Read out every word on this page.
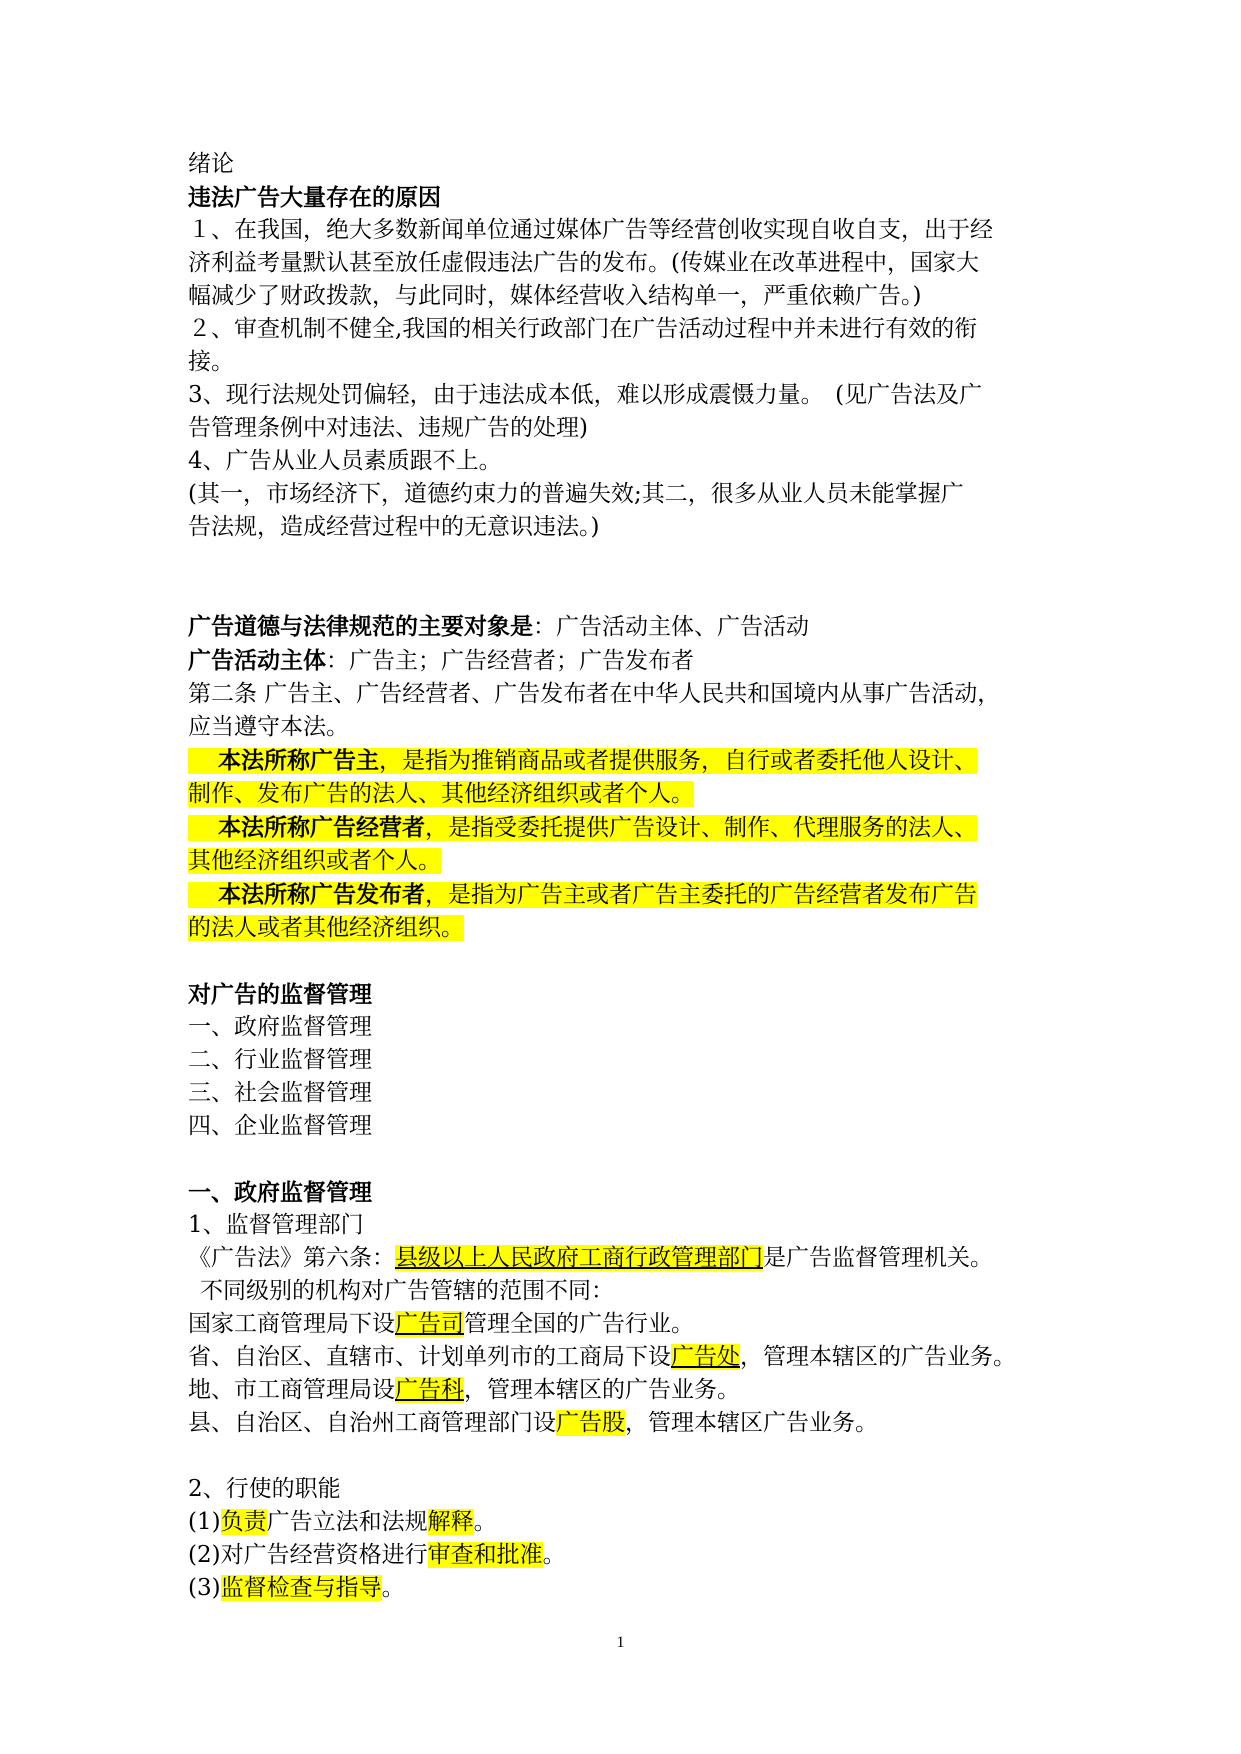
绪论
违法广告大量存在的原因
１、在我国，绝大多数新闻单位通过媒体广告等经营创收实现自收自支，出于经
济利益考量默认甚至放任虚假违法广告的发布。(传媒业在改革进程中，国家大
幅减少了财政拨款，与此同时，媒体经营收入结构单一，严重依赖广告。)
２、审查机制不健全,我国的相关行政部门在广告活动过程中并未进行有效的衔
接。
3、现行法规处罚偏轻，由于违法成本低，难以形成震慑力量。　(见广告法及广
告管理条例中对违法、违规广告的处理)
4、广告从业人员素质跟不上。
(其一，市场经济下，道德约束力的普遍失效;其二，很多从业人员未能掌握广
告法规，造成经营过程中的无意识违法。)
广告道德与法律规范的主要对象是：广告活动主体、广告活动
广告活动主体：广告主；广告经营者；广告发布者
第二条 广告主、广告经营者、广告发布者在中华人民共和国境内从事广告活动，
应当遵守本法。
本法所称广告主，是指为推销商品或者提供服务，自行或者委托他人设计、
制作、发布广告的法人、其他经济组织或者个人。
本法所称广告经营者，是指受委托提供广告设计、制作、代理服务的法人、
其他经济组织或者个人。
本法所称广告发布者，是指为广告主或者广告主委托的广告经营者发布广告
的法人或者其他经济组织。
对广告的监督管理
一、政府监督管理
二、行业监督管理
三、社会监督管理
四、企业监督管理
一、政府监督管理
1、监督管理部门
《广告法》第六条：县级以上人民政府工商行政管理部门是广告监督管理机关。
不同级别的机构对广告管辖的范围不同：
国家工商管理局下设广告司管理全国的广告行业。
省、自治区、直辖市、计划单列市的工商局下设广告处，管理本辖区的广告业务。
地、市工商管理局设广告科，管理本辖区的广告业务。
县、自治区、自治州工商管理部门设广告股，管理本辖区广告业务。
2、行使的职能
(1)负责广告立法和法规解释。
(2)对广告经营资格进行审查和批准。
(3)监督检查与指导。
1
